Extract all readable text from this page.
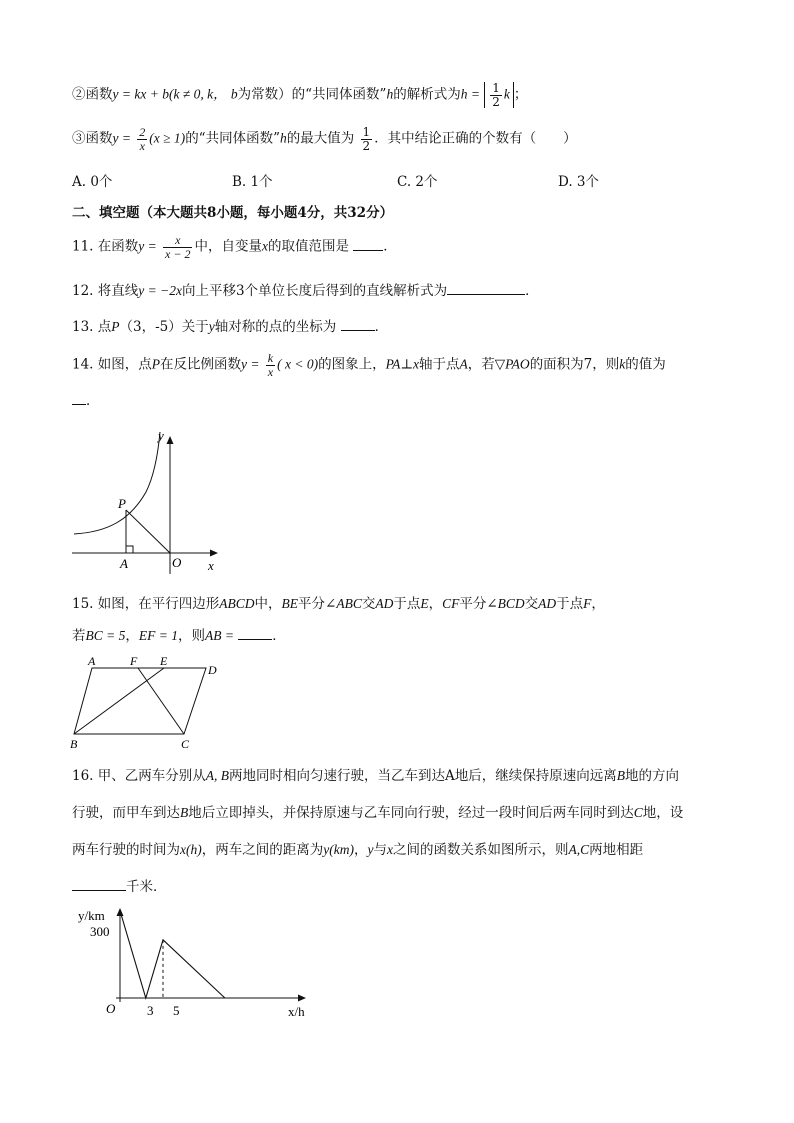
②函数y = kx + b(k ≠ 0, k， b为常数）的“共同体函数”h的解析式为$h = \frac{1}{2}$ k ；
③函数$y = \frac{2}{x} (x \ge 1)$的“共同体函数”h的最大值为 $\frac{1}{2}$ ．其中结论正确的个数有（　　）
A. 0个	B. 1个	C. 2个	D. 3个
二、填空题（本大题共8小题，每小题4分，共32分）
11. 在函数$y = \frac{x}{x - 2}$ 中，自变量x的取值范围是	．
12. 将直线y = −2x向上平移3个单位长度后得到的直线解析式为	．
13. 点P（3，-5）关于y轴对称的点的坐标为	．
14. 如图，点P在反比例函数$y = \frac{k}{x}$ ( x < 0)的图象上，PA⊥x轴于点A，若▽PAO的面积为7，则k的值为
．
y
x
P
A	O
15. 如图，在平行四边形ABCD中，BE平分∠ABC交AD于点E，CF平分∠BCD交AD于点F，
若BC = 5，EF = 1，则AB =	．
A	F E
D
B	C
16. 甲、乙两车分别从A, B两地同时相向匀速行驶，当乙车到达A地后，继续保持原速向远离B地的方向
行驶，而甲车到达B地后立即掉头，并保持原速与乙车同向行驶，经过一段时间后两车同时到达C地，设
两车行驶的时间为x(h)，两车之间的距离为y(km)，y与x之间的函数关系如图所示，则A,C两地相距
千米．
y/km
300
O 3 5	x/h
